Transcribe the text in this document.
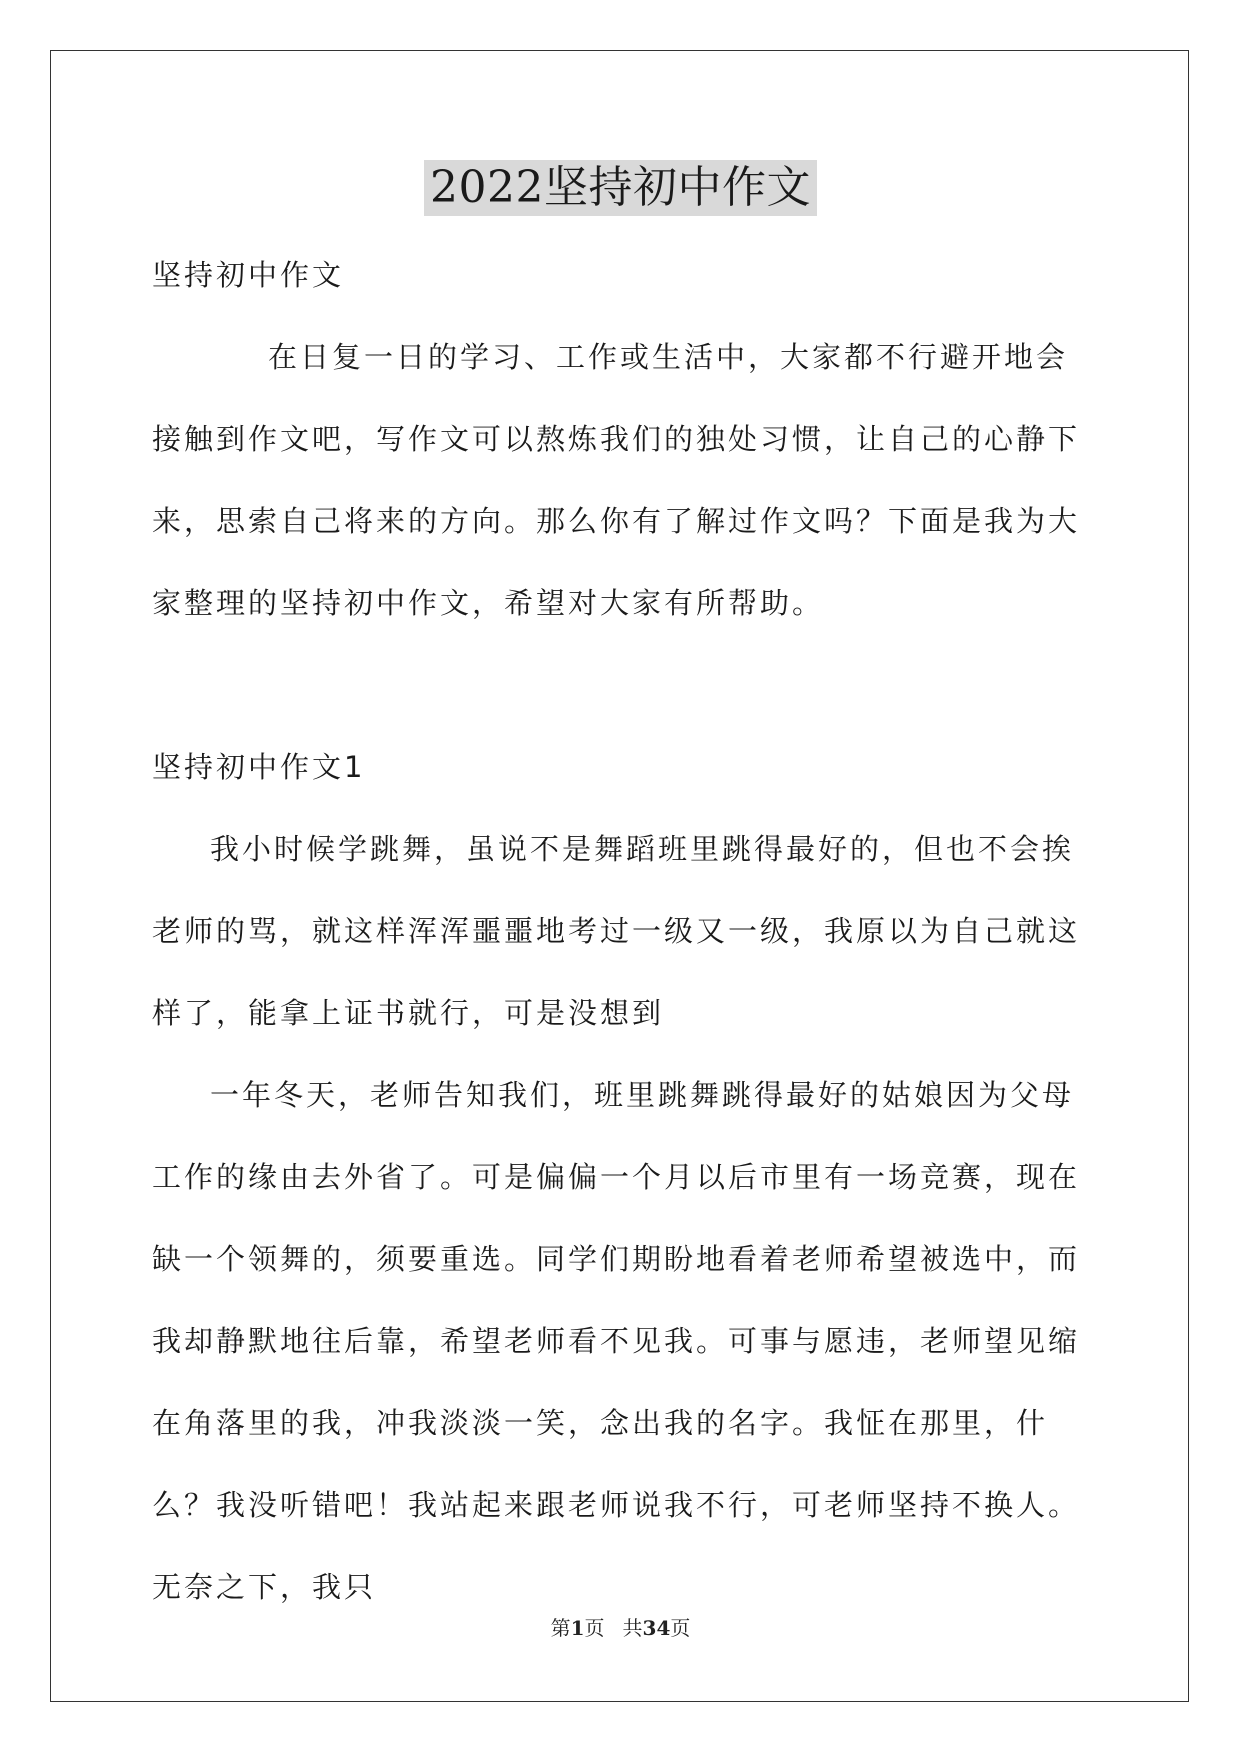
2022坚持初中作文

坚持初中作文

在日复一日的学习、工作或生活中，大家都不行避开地会接触到作文吧，写作文可以熬炼我们的独处习惯，让自己的心静下来，思索自己将来的方向。那么你有了解过作文吗？下面是我为大家整理的坚持初中作文，希望对大家有所帮助。

坚持初中作文1

我小时候学跳舞，虽说不是舞蹈班里跳得最好的，但也不会挨老师的骂，就这样浑浑噩噩地考过一级又一级，我原以为自己就这样了，能拿上证书就行，可是没想到

一年冬天，老师告知我们，班里跳舞跳得最好的姑娘因为父母工作的缘由去外省了。可是偏偏一个月以后市里有一场竞赛，现在缺一个领舞的，须要重选。同学们期盼地看着老师希望被选中，而我却静默地往后靠，希望老师看不见我。可事与愿违，老师望见缩在角落里的我，冲我淡淡一笑，念出我的名字。我怔在那里，什么？我没听错吧！我站起来跟老师说我不行，可老师坚持不换人。无奈之下，我只

第1页 共34页
